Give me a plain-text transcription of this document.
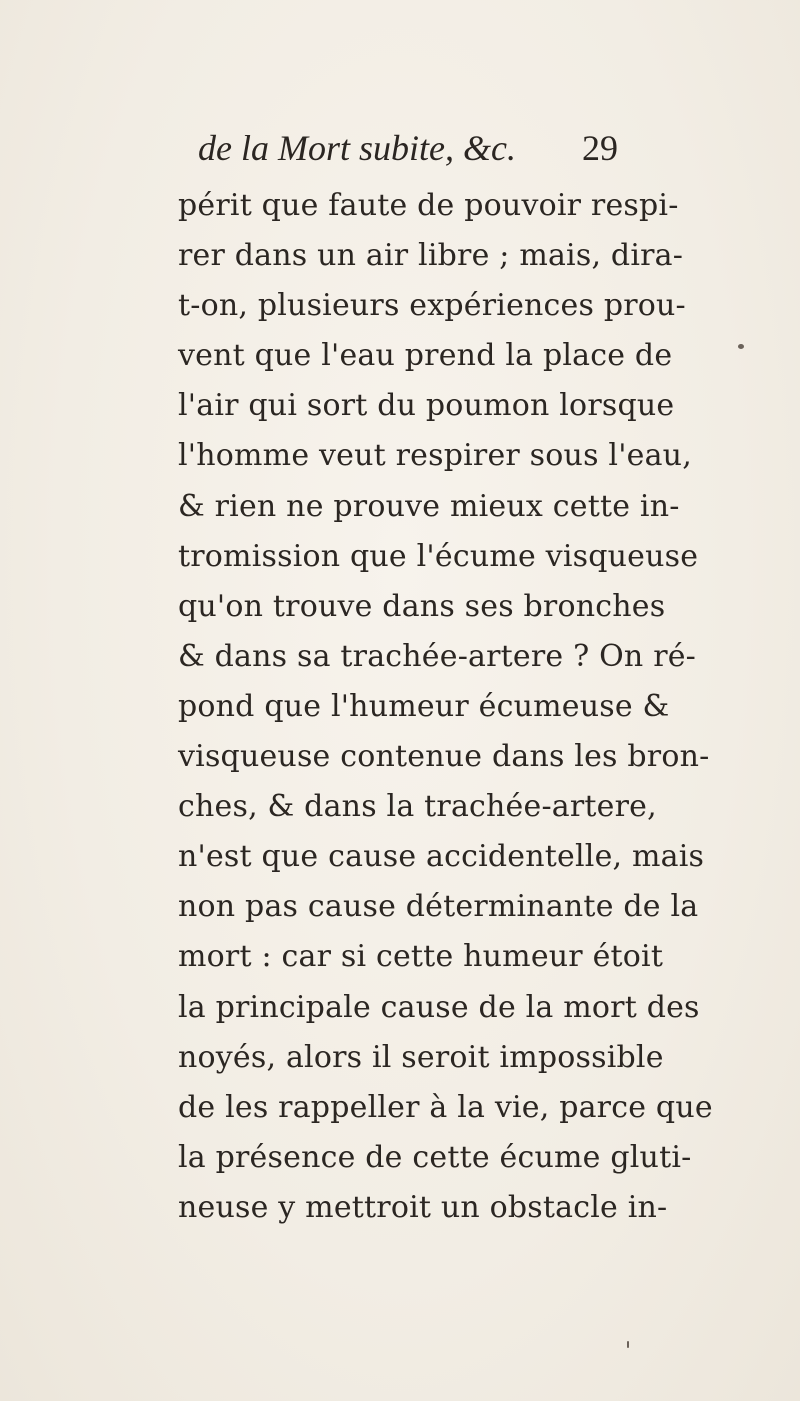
de la Mort subite, &c. 29
périt que faute de pouvoir respi-
rer dans un air libre ; mais, dira-
t-on, plusieurs expériences prou-
vent que l'eau prend la place de
l'air qui sort du poumon lorsque
l'homme veut respirer sous l'eau,
& rien ne prouve mieux cette in-
tromission que l'écume visqueuse
qu'on trouve dans ses bronches
& dans sa trachée-artere ? On ré-
pond que l'humeur écumeuse &
visqueuse contenue dans les bron-
ches, & dans la trachée-artere,
n'est que cause accidentelle, mais
non pas cause déterminante de la
mort : car si cette humeur étoit
la principale cause de la mort des
noyés, alors il seroit impossible
de les rappeller à la vie, parce que
la présence de cette écume gluti-
neuse y mettroit un obstacle in-
